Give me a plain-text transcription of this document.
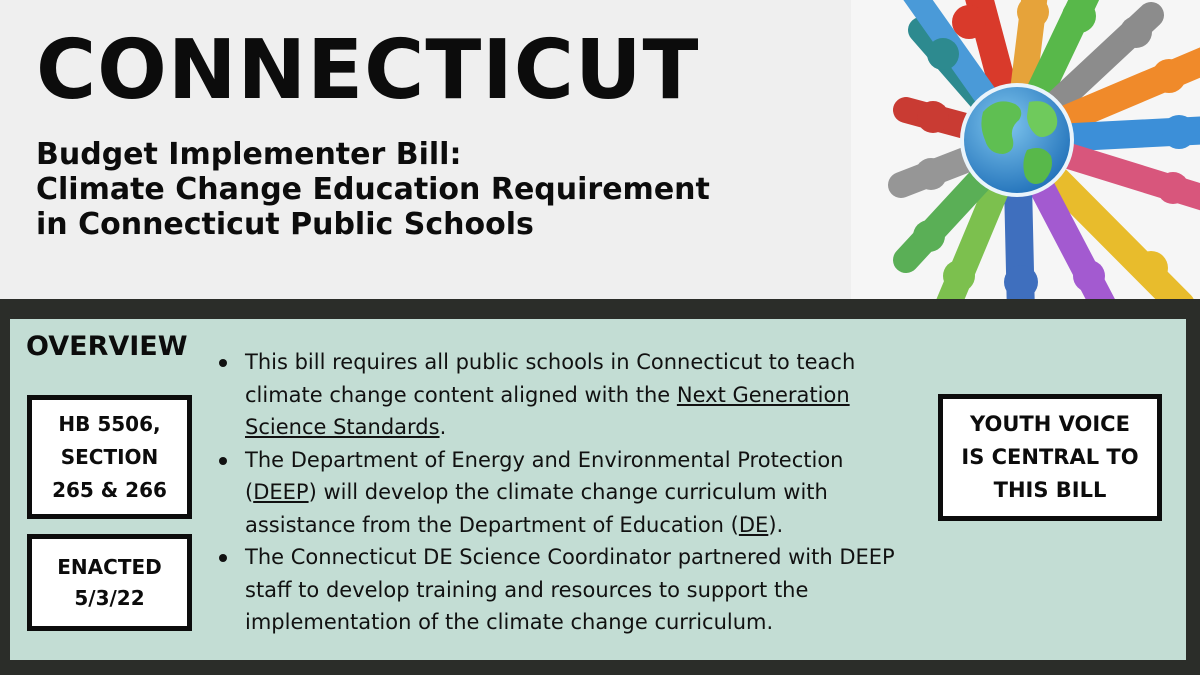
CONNECTICUT
Budget Implementer Bill:
Climate Change Education Requirement
in Connecticut Public Schools
OVERVIEW
HB 5506,
SECTION
265 & 266
ENACTED
5/3/22
This bill requires all public schools in Connecticut to teach climate change content aligned with the Next Generation Science Standards.
The Department of Energy and Environmental Protection (DEEP) will develop the climate change curriculum with assistance from the Department of Education (DE).
The Connecticut DE Science Coordinator partnered with DEEP staff to develop training and resources to support the implementation of the climate change curriculum.
YOUTH VOICE
IS CENTRAL TO
THIS BILL
